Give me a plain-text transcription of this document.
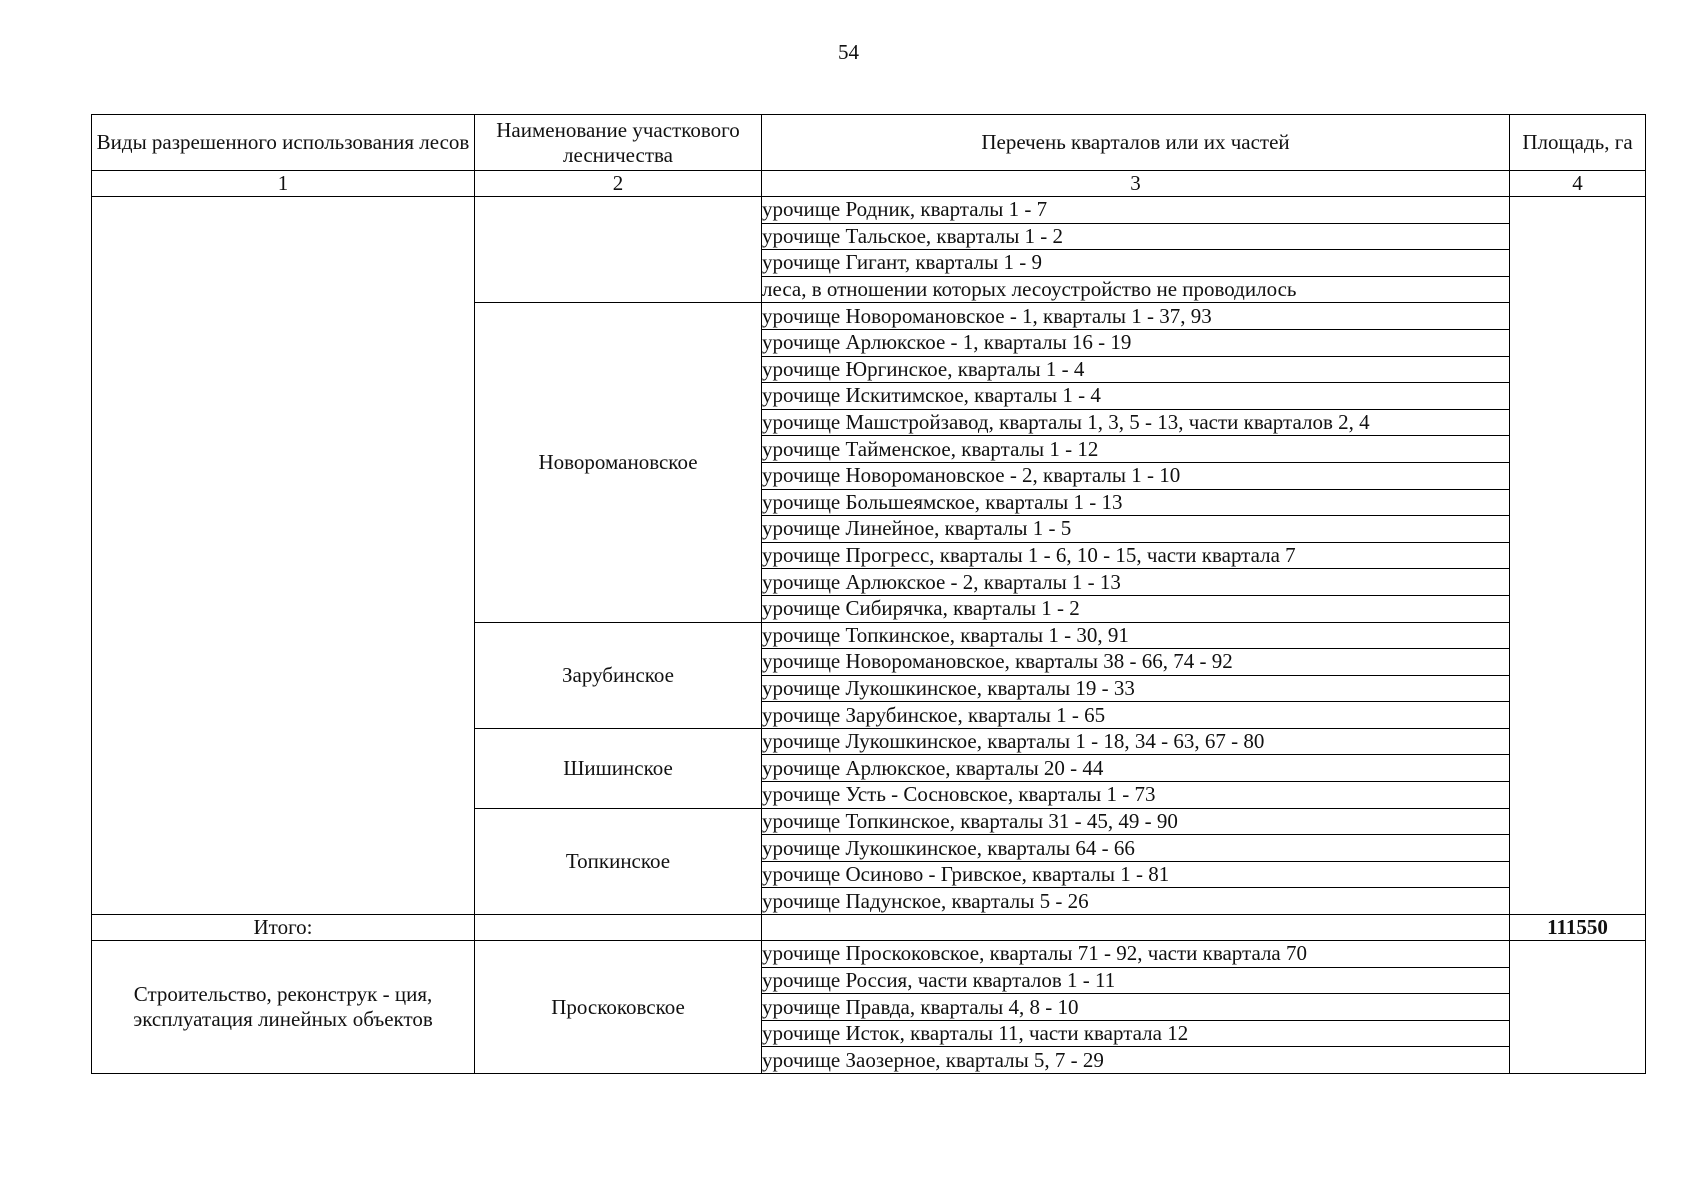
54
Виды разрешенного использования лесов	Наименование участкового лесничества	Перечень кварталов или их частей	Площадь, га
1	2	3	4
		урочище Родник, кварталы 1 - 7	
		урочище Тальское, кварталы 1 - 2	
		урочище Гигант, кварталы 1 - 9	
		леса, в отношении которых лесоустройство не проводилось	
	Новоромановское	урочище Новоромановское - 1, кварталы 1 - 37, 93	
		урочище Арлюкское - 1, кварталы 16 - 19	
		урочище Юргинское, кварталы 1 - 4	
		урочище Искитимское, кварталы 1 - 4	
		урочище Машстройзавод, кварталы 1, 3, 5 - 13, части кварталов 2, 4	
		урочище Тайменское, кварталы 1 - 12	
		урочище Новоромановское - 2, кварталы 1 - 10	
		урочище Большеямское, кварталы 1 - 13	
		урочище Линейное, кварталы 1 - 5	
		урочище Прогресс, кварталы 1 - 6, 10 - 15, части квартала 7	
		урочище Арлюкское - 2, кварталы 1 - 13	
		урочище Сибирячка, кварталы 1 - 2	
	Зарубинское	урочище Топкинское, кварталы 1 - 30, 91	
		урочище Новоромановское, кварталы 38 - 66, 74 - 92	
		урочище Лукошкинское, кварталы 19 - 33	
		урочище Зарубинское, кварталы 1 - 65	
	Шишинское	урочище Лукошкинское, кварталы 1 - 18, 34 - 63, 67 - 80	
		урочище Арлюкское, кварталы 20 - 44	
		урочище Усть - Сосновское, кварталы 1 - 73	
	Топкинское	урочище Топкинское, кварталы 31 - 45, 49 - 90	
		урочище Лукошкинское, кварталы 64 - 66	
		урочище Осиново - Гривское, кварталы 1 - 81	
		урочище Падунское, кварталы 5 - 26	
Итого:			111550
Строительство, реконструк - ция, эксплуатация линейных объектов	Проскоковское	урочище Проскоковское, кварталы 71 - 92, части квартала 70	
		урочище Россия, части кварталов 1 - 11	
		урочище Правда, кварталы 4, 8 - 10	
		урочище Исток, кварталы 11, части квартала 12	
		урочище Заозерное, кварталы 5, 7 - 29	
